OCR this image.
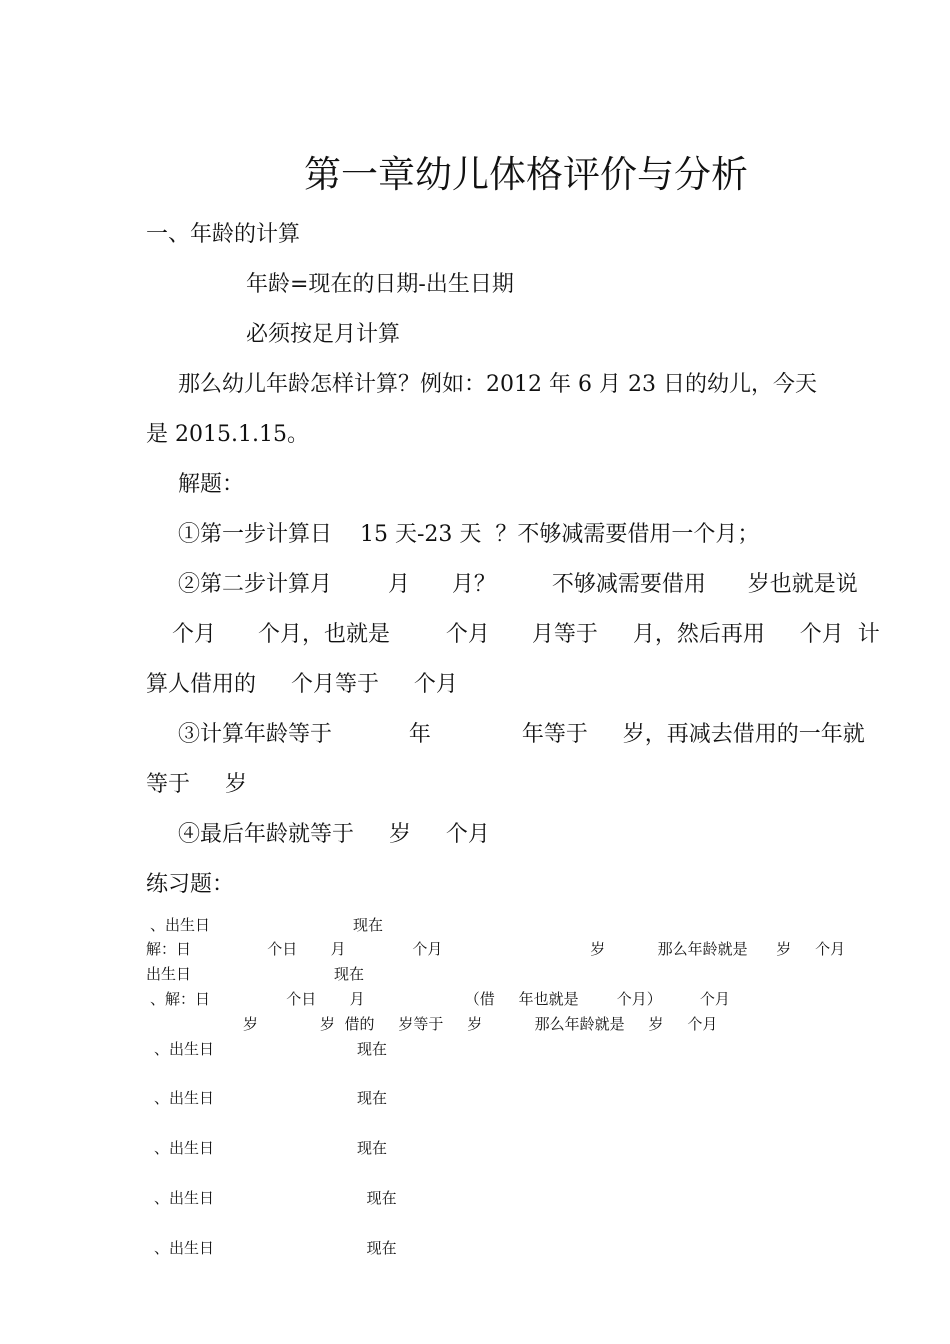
第一章幼儿体格评价与分析
一、年龄的计算
年龄=现在的日期-出生日期
必须按足月计算
那么幼儿年龄怎样计算？例如：2012 年 6 月 23 日的幼儿，今天
是 2015.1.15。
解题：
①第一步计算日    15 天-23 天  ？不够减需要借用一个月；
②第二步计算月        月      月？        不够减需要借用      岁也就是说
个月      个月，也就是        个月      月等于     月，然后再用     个月  计
算人借用的     个月等于     个月
③计算年龄等于           年             年等于     岁，再减去借用的一年就
等于     岁
④最后年龄就等于     岁     个月
练习题：
、出生日                              现在
解：日                个日       月              个月                               岁           那么年龄就是      岁     个月
出生日                              现在
、解：日                个日       月                     （借     年也就是        个月）        个月
岁             岁  借的     岁等于     岁           那么年龄就是     岁     个月
、出生日                              现在
、出生日                              现在
、出生日                              现在
、出生日                                现在
、出生日                                现在
